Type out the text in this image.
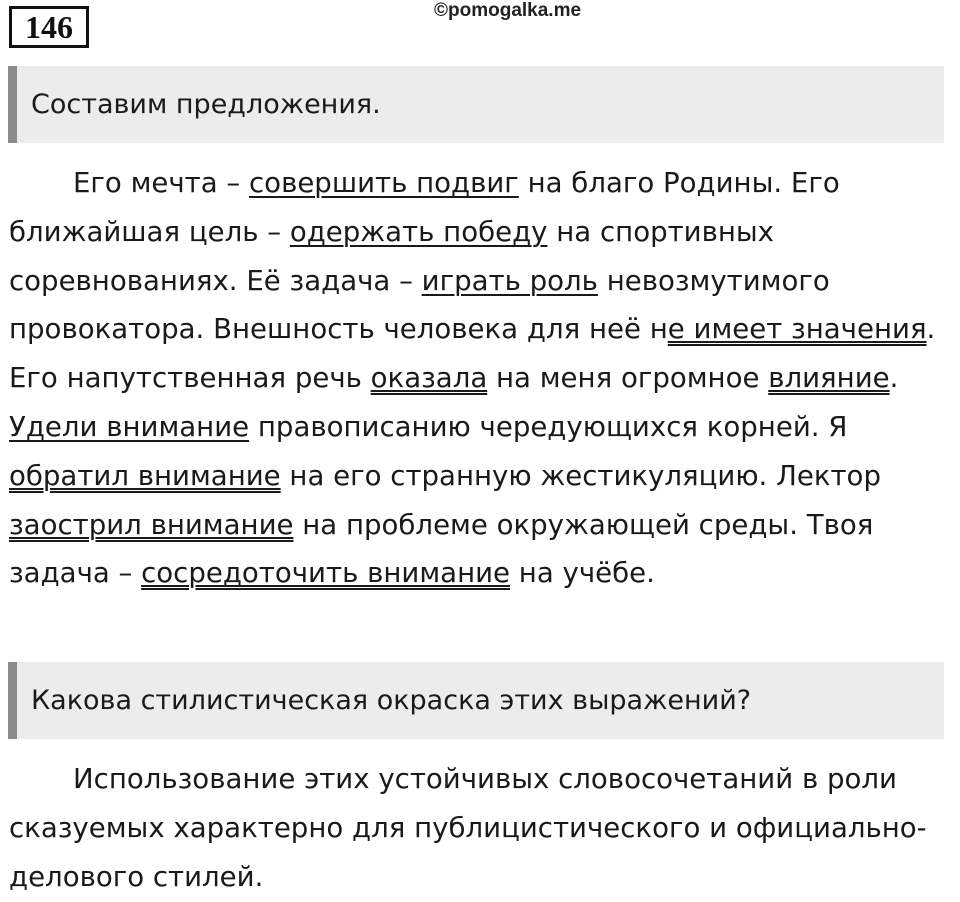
146	©pomogalka.me
Составим предложения.

Его мечта – совершить подвиг на благо Родины. Его ближайшая цель – одержать победу на спортивных соревнованиях. Её задача – играть роль невозмутимого провокатора. Внешность человека для неё не имеет значения. Его напутственная речь оказала на меня огромное влияние. Удели внимание правописанию чередующихся корней. Я обратил внимание на его странную жестикуляцию. Лектор заострил внимание на проблеме окружающей среды. Твоя задача – сосредоточить внимание на учёбе.

Какова стилистическая окраска этих выражений?

Использование этих устойчивых словосочетаний в роли сказуемых характерно для публицистического и официально-делового стилей.
